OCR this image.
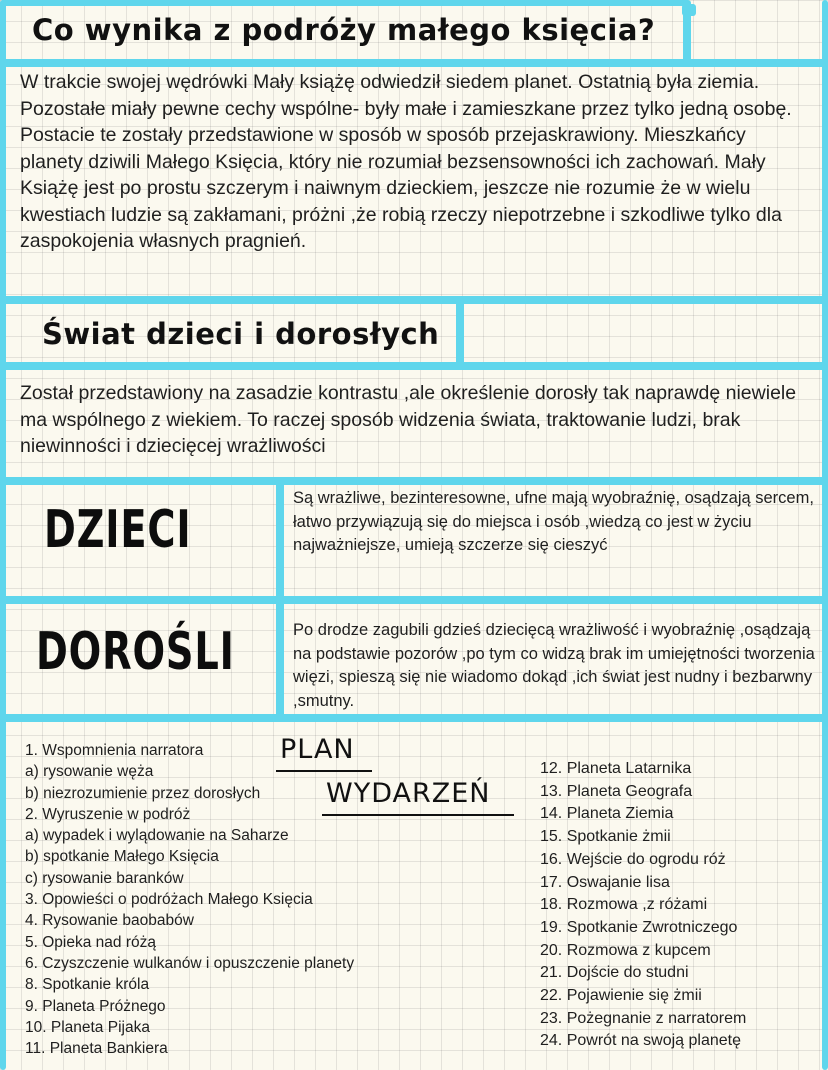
Co wynika z podróży małego księcia?
W trakcie swojej wędrówki Mały książę odwiedził siedem planet. Ostatnią była ziemia. Pozostałe miały pewne cechy wspólne- były małe i zamieszkane przez tylko jedną osobę. Postacie te zostały przedstawione w sposób w sposób przejaskrawiony. Mieszkańcy planety dziwili Małego Księcia, który nie rozumiał bezsensowności ich zachowań. Mały Książę jest po prostu szczerym i naiwnym dzieckiem, jeszcze nie rozumie że w wielu kwestiach ludzie są zakłamani, próżni ,że robią rzeczy niepotrzebne i szkodliwe tylko dla zaspokojenia własnych pragnień.
Świat dzieci i dorosłych
Został przedstawiony na zasadzie kontrastu ,ale określenie dorosły tak naprawdę niewiele ma wspólnego z wiekiem. To raczej sposób widzenia świata, traktowanie ludzi, brak niewinności i dziecięcej wrażliwości
DZIECI
Są wrażliwe, bezinteresowne, ufne mają wyobraźnię, osądzają sercem, łatwo przywiązują się do miejsca i osób ,wiedzą co jest w życiu najważniejsze, umieją szczerze się cieszyć
DOROŚLI	Po drodze zagubili gdzieś dziecięcą wrażliwość i wyobraźnię ,osądzają na podstawie pozorów ,po tym co widzą brak im umiejętności tworzenia więzi, spieszą się nie wiadomo dokąd ,ich świat jest nudny i bezbarwny ,smutny.
PLAN
WYDARZEŃ
1. Wspomnienia narratora
a) rysowanie węża
b) niezrozumienie przez dorosłych
2. Wyruszenie w podróż
a) wypadek i wylądowanie na Saharze
b) spotkanie Małego Księcia
c) rysowanie baranków
3. Opowieści o podróżach Małego Księcia
4. Rysowanie baobabów
5. Opieka nad różą
6. Czyszczenie wulkanów i opuszczenie planety
8. Spotkanie króla
9. Planeta Próżnego
10. Planeta Pijaka
11. Planeta Bankiera
12. Planeta Latarnika
13. Planeta Geografa
14. Planeta Ziemia
15. Spotkanie żmii
16. Wejście do ogrodu róż
17. Oswajanie lisa
18. Rozmowa ,z różami
19. Spotkanie Zwrotniczego
20. Rozmowa z kupcem
21. Dojście do studni
22. Pojawienie się żmii
23. Pożegnanie z narratorem
24. Powrót na swoją planetę
